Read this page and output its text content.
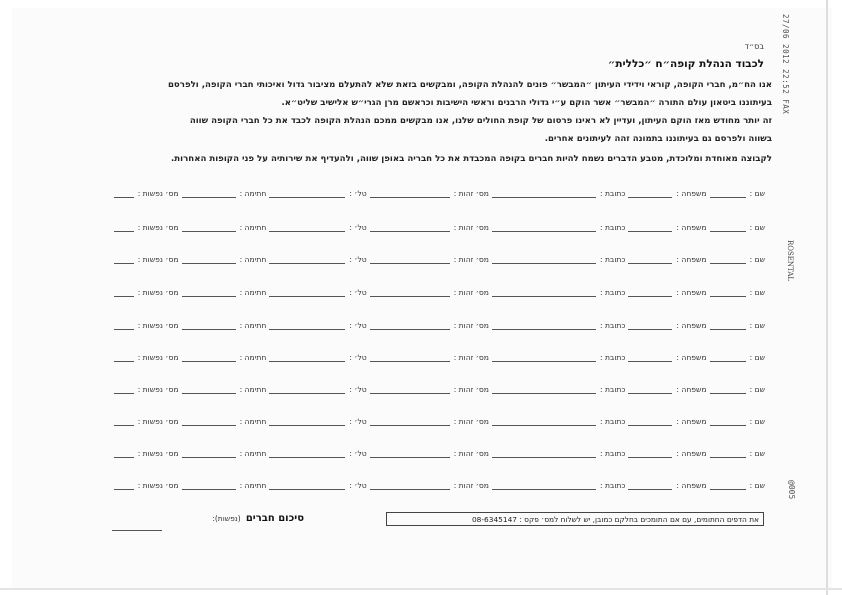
27/06 2012 22:52 FAX
ROSENTAL
@005
בס״ד
לכבוד הנהלת קופה״ח ״כללית״
אנו הח״מ, חברי הקופה, קוראי וידידי העיתון ״המבשר״ פונים להנהלת הקופה, ומבקשים בזאת שלא להתעלם מציבור גדול ואיכותי חברי הקופה, ולפרסם
בעיתוננו ביטאון עולם התורה ״המבשר״ אשר הוקם ע״י גדולי הרבנים וראשי הישיבות וכראשם מרן הגרי״ש אלישיב שליט״א.
זה יותר מחודש מאז הוקם העיתון, ועדיין לא ראינו פרסום של קופת החולים שלנו, אנו מבקשים ממכם הנהלת הקופה לכבד את כל חברי הקופה שווה
בשווה ולפרסם גם בעיתוננו בתמונה זהה לעיתונים אחרים.
לקבוצה מאוחדת ומלוכדת, מטבע הדברים נשמח להיות חברים בקופה המכבדת את כל חבריה באופן שווה, ולהעדיף את שירותיה על פני הקופות האחרות.
שם :
משפחה :
כתובת :
מס׳ זהות :
טל׳ :
חתימה :
מס׳ נפשות :
שם :
משפחה :
כתובת :
מס׳ זהות :
טל׳ :
חתימה :
מס׳ נפשות :
שם :
משפחה :
כתובת :
מס׳ זהות :
טל׳ :
חתימה :
מס׳ נפשות :
שם :
משפחה :
כתובת :
מס׳ זהות :
טל׳ :
חתימה :
מס׳ נפשות :
שם :
משפחה :
כתובת :
מס׳ זהות :
טל׳ :
חתימה :
מס׳ נפשות :
שם :
משפחה :
כתובת :
מס׳ זהות :
טל׳ :
חתימה :
מס׳ נפשות :
שם :
משפחה :
כתובת :
מס׳ זהות :
טל׳ :
חתימה :
מס׳ נפשות :
שם :
משפחה :
כתובת :
מס׳ זהות :
טל׳ :
חתימה :
מס׳ נפשות :
שם :
משפחה :
כתובת :
מס׳ זהות :
טל׳ :
חתימה :
מס׳ נפשות :
שם :
משפחה :
כתובת :
מס׳ זהות :
טל׳ :
חתימה :
מס׳ נפשות :
סיכום חברים (נפשות):	את הדפים החתומים, עם אם התומכים בחלקם כמובן, יש לשלוח למס׳ פקס : 08-6345147
